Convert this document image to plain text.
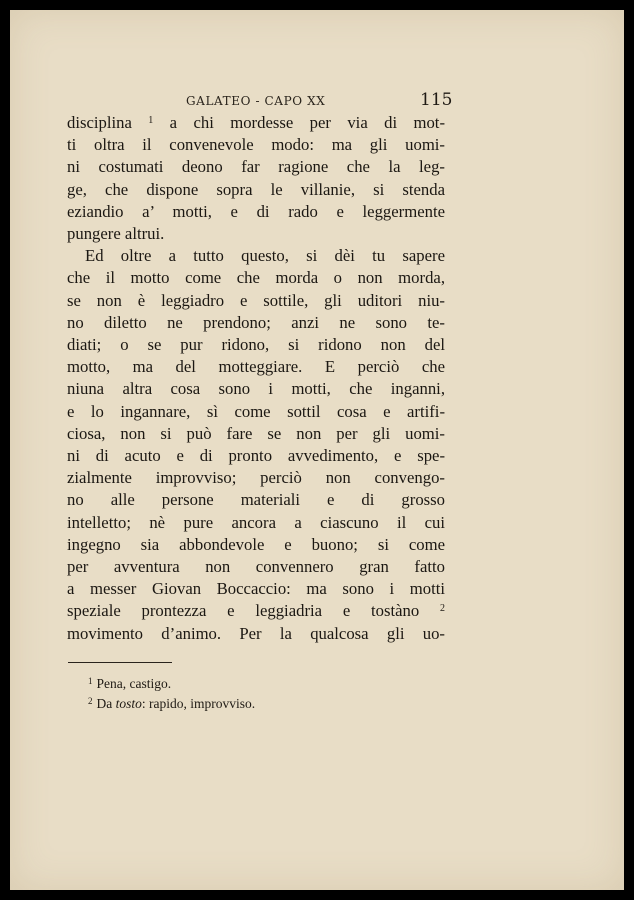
GALATEO - CAPO XX	115
disciplina $^1$ a chi mordesse per via di mot-
ti oltra il convenevole modo: ma gli uomi-
ni costumati deono far ragione che la leg-
ge, che dispone sopra le villanie, si stenda
eziandio a’ motti, e di rado e leggermente
pungere altrui.
Ed oltre a tutto questo, si dèi tu sapere
che il motto come che morda o non morda,
se non è leggiadro e sottile, gli uditori niu-
no diletto ne prendono; anzi ne sono te-
diati; o se pur ridono, si ridono non del
motto, ma del motteggiare. E perciò che
niuna altra cosa sono i motti, che inganni,
e lo ingannare, sì come sottil cosa e artifi-
ciosa, non si può fare se non per gli uomi-
ni di acuto e di pronto avvedimento, e spe-
zialmente improvviso; perciò non convengo-
no alle persone materiali e di grosso
intelletto; nè pure ancora a ciascuno il cui
ingegno sia abbondevole e buono; si come
per avventura non convennero gran fatto
a messer Giovan Boccaccio: ma sono i motti
speziale prontezza e leggiadria e tostàno $^2$
movimento d’animo. Per la qualcosa gli uo-
$^1$ Pena, castigo.
$^2$ Da tosto: rapido, improvviso.
